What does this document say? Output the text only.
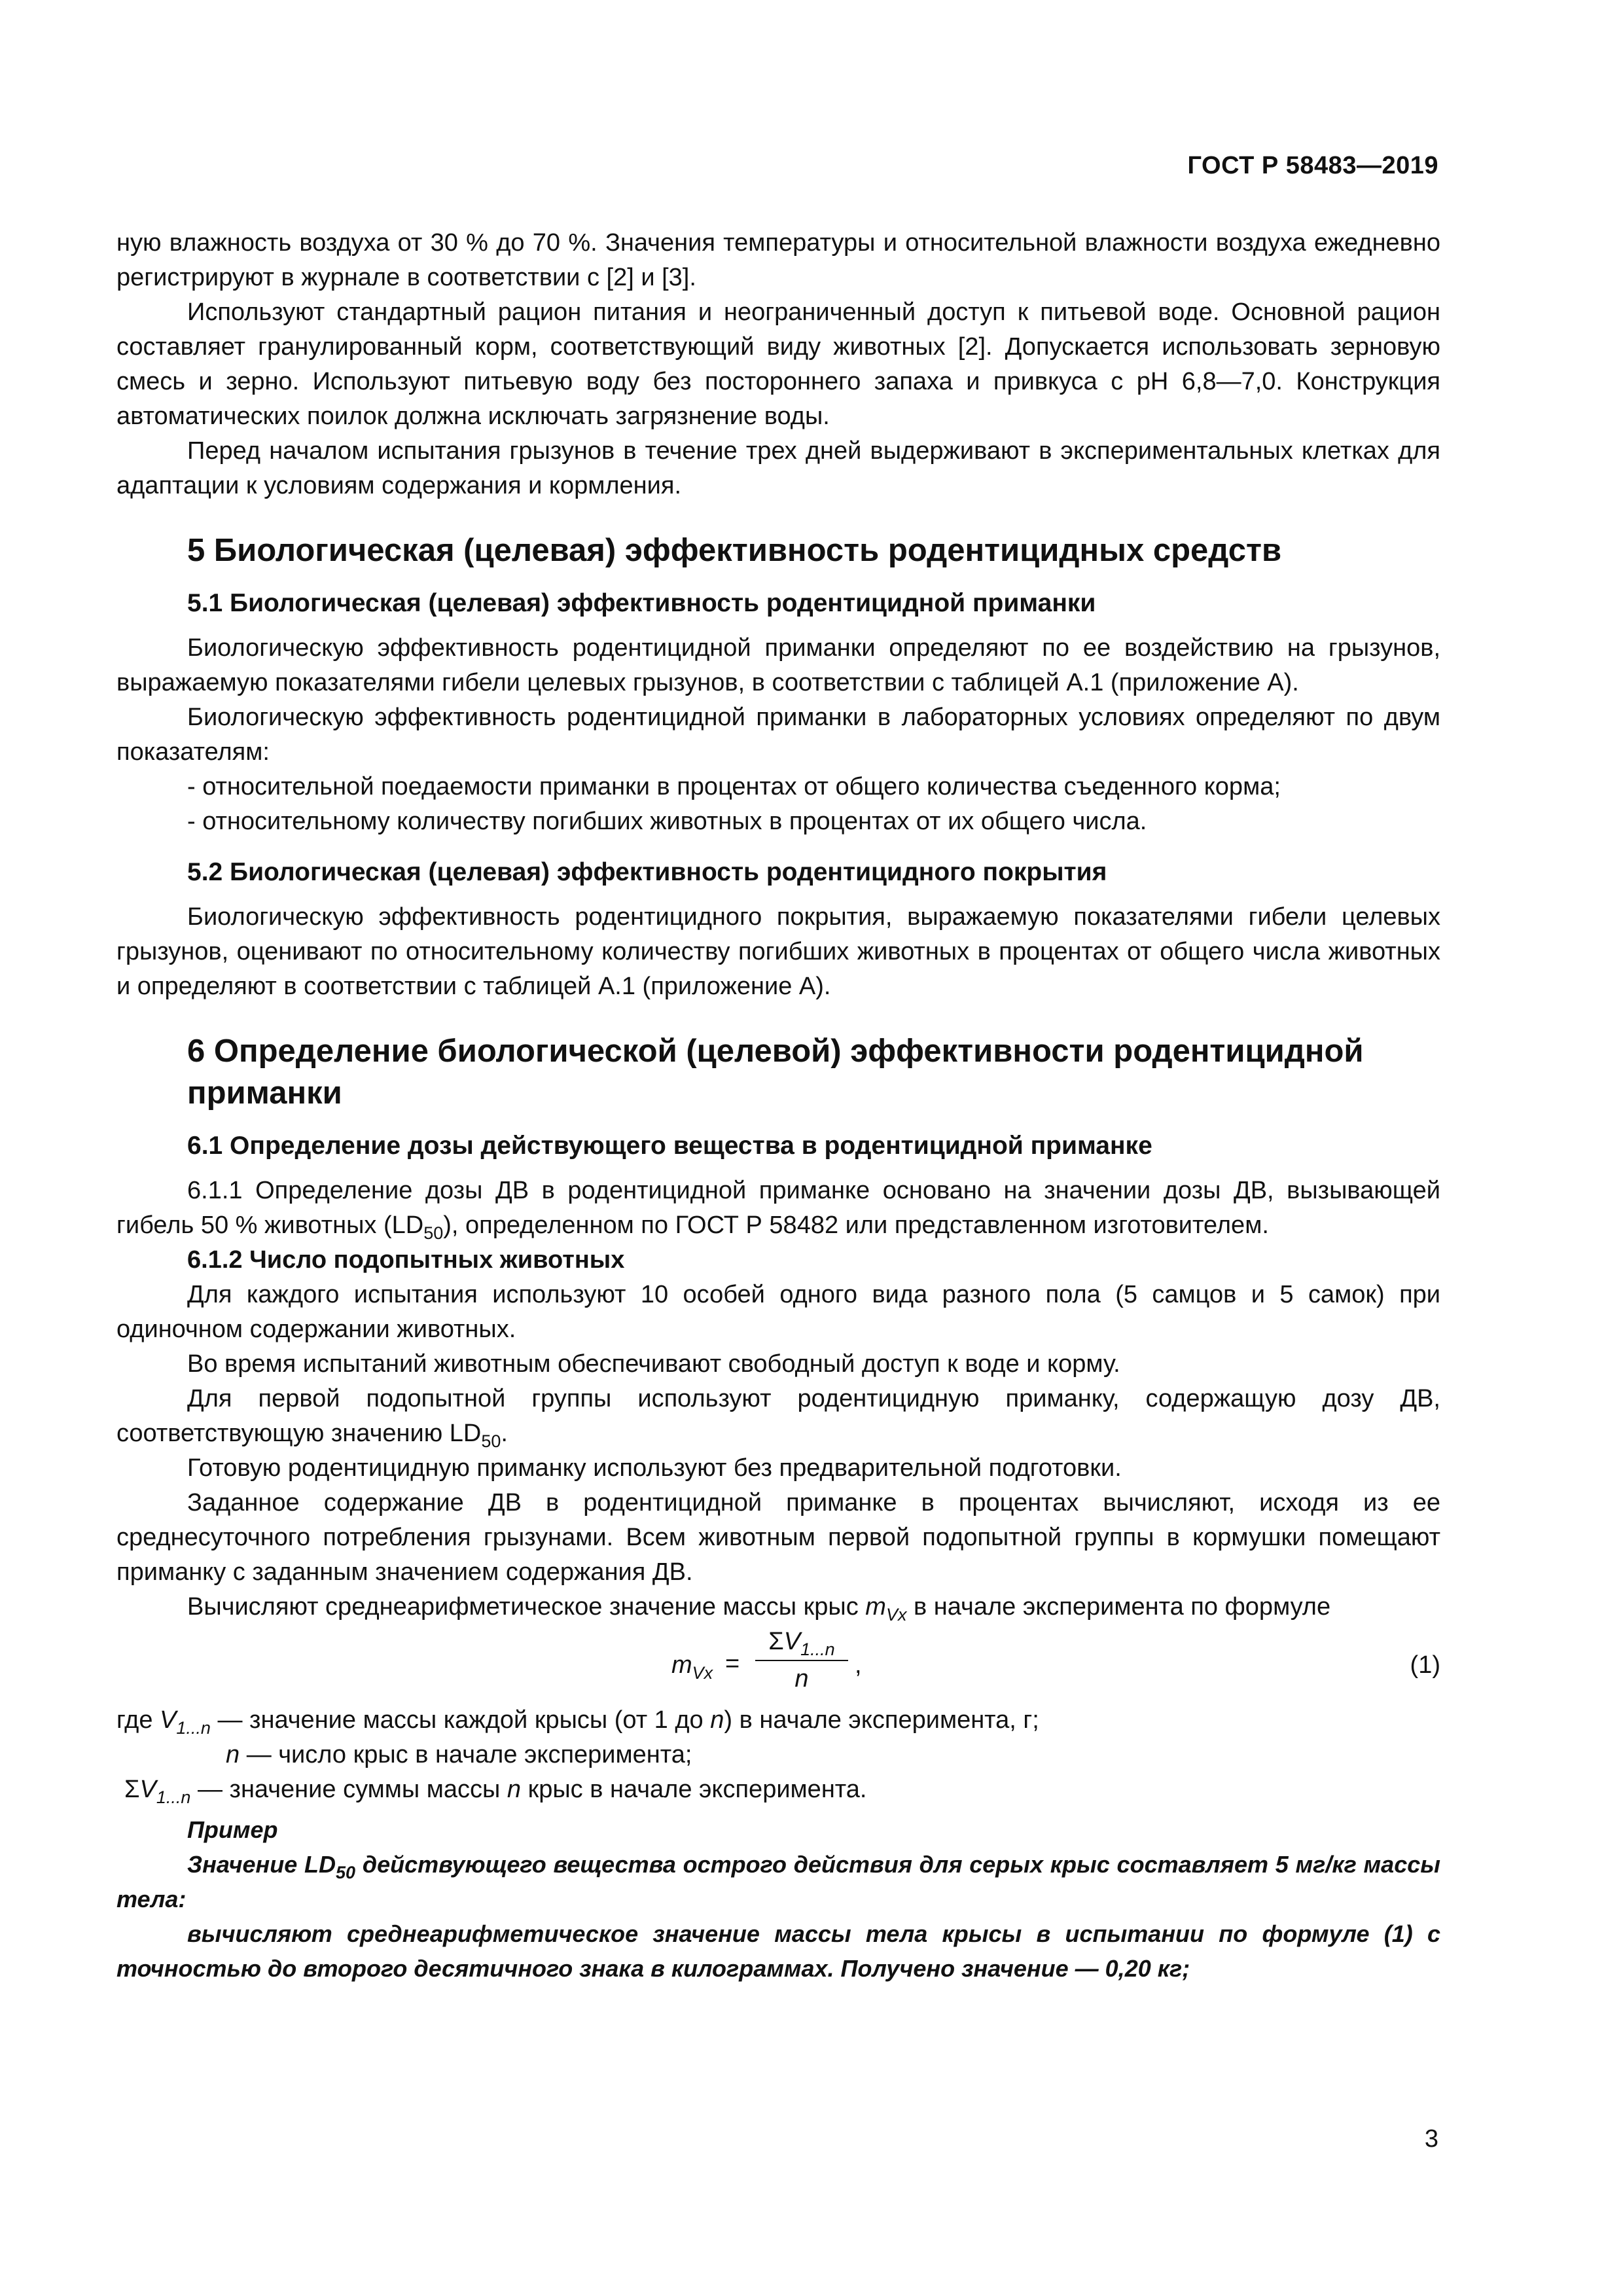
ГОСТ Р 58483—2019

ную влажность воздуха от 30 % до 70 %. Значения температуры и относительной влажности воздуха ежедневно регистрируют в журнале в соответствии с [2] и [3].

Используют стандартный рацион питания и неограниченный доступ к питьевой воде. Основной рацион составляет гранулированный корм, соответствующий виду животных [2]. Допускается использовать зерновую смесь и зерно. Используют питьевую воду без постороннего запаха и привкуса с pH 6,8—7,0. Конструкция автоматических поилок должна исключать загрязнение воды.

Перед началом испытания грызунов в течение трех дней выдерживают в экспериментальных клетках для адаптации к условиям содержания и кормления.

5 Биологическая (целевая) эффективность родентицидных средств
5.1 Биологическая (целевая) эффективность родентицидной приманки

Биологическую эффективность родентицидной приманки определяют по ее воздействию на грызунов, выражаемую показателями гибели целевых грызунов, в соответствии с таблицей А.1 (приложение А).

Биологическую эффективность родентицидной приманки в лабораторных условиях определяют по двум показателям:

- относительной поедаемости приманки в процентах от общего количества съеденного корма;

- относительному количеству погибших животных в процентах от их общего числа.

5.2 Биологическая (целевая) эффективность родентицидного покрытия

Биологическую эффективность родентицидного покрытия, выражаемую показателями гибели целевых грызунов, оценивают по относительному количеству погибших животных в процентах от общего числа животных и определяют в соответствии с таблицей А.1 (приложение А).

6 Определение биологической (целевой) эффективности родентицидной приманки
6.1 Определение дозы действующего вещества в родентицидной приманке

6.1.1 Определение дозы ДВ в родентицидной приманке основано на значении дозы ДВ, вызывающей гибель 50 % животных $(LD_{50})$, определенном по ГОСТ Р 58482 или представленном изготовителем.

6.1.2 Число подопытных животных

Для каждого испытания используют 10 особей одного вида разного пола (5 самцов и 5 самок) при одиночном содержании животных.

Во время испытаний животным обеспечивают свободный доступ к воде и корму.

Для первой подопытной группы используют родентицидную приманку, содержащую дозу ДВ, соответствующую значению $LD_{50}$.

Готовую родентицидную приманку используют без предварительной подготовки.

Заданное содержание ДВ в родентицидной приманке в процентах вычисляют, исходя из ее среднесуточного потребления грызунами. Всем животным первой подопытной группы в кормушки помещают приманку с заданным значением содержания ДВ.

Вычисляют среднеарифметическое значение массы крыс $m_{Vx}$ в начале эксперимента по формуле

$m_{Vx}$ =
$\Sigma V_{1...n}$
n	,	(1)
где $V_{1...n}$ — значение массы каждой крысы (от 1 до n) в начале эксперимента, г;
n — число крыс в начале эксперимента;
$\Sigma V_{1...n}$ — значение суммы массы n крыс в начале эксперимента.

Пример

Значение $LD_{50}$ действующего вещества острого действия для серых крыс составляет 5 мг/кг массы тела:

вычисляют среднеарифметическое значение массы тела крысы в испытании по формуле (1) с точностью до второго десятичного знака в килограммах. Получено значение — 0,20 кг;

3
